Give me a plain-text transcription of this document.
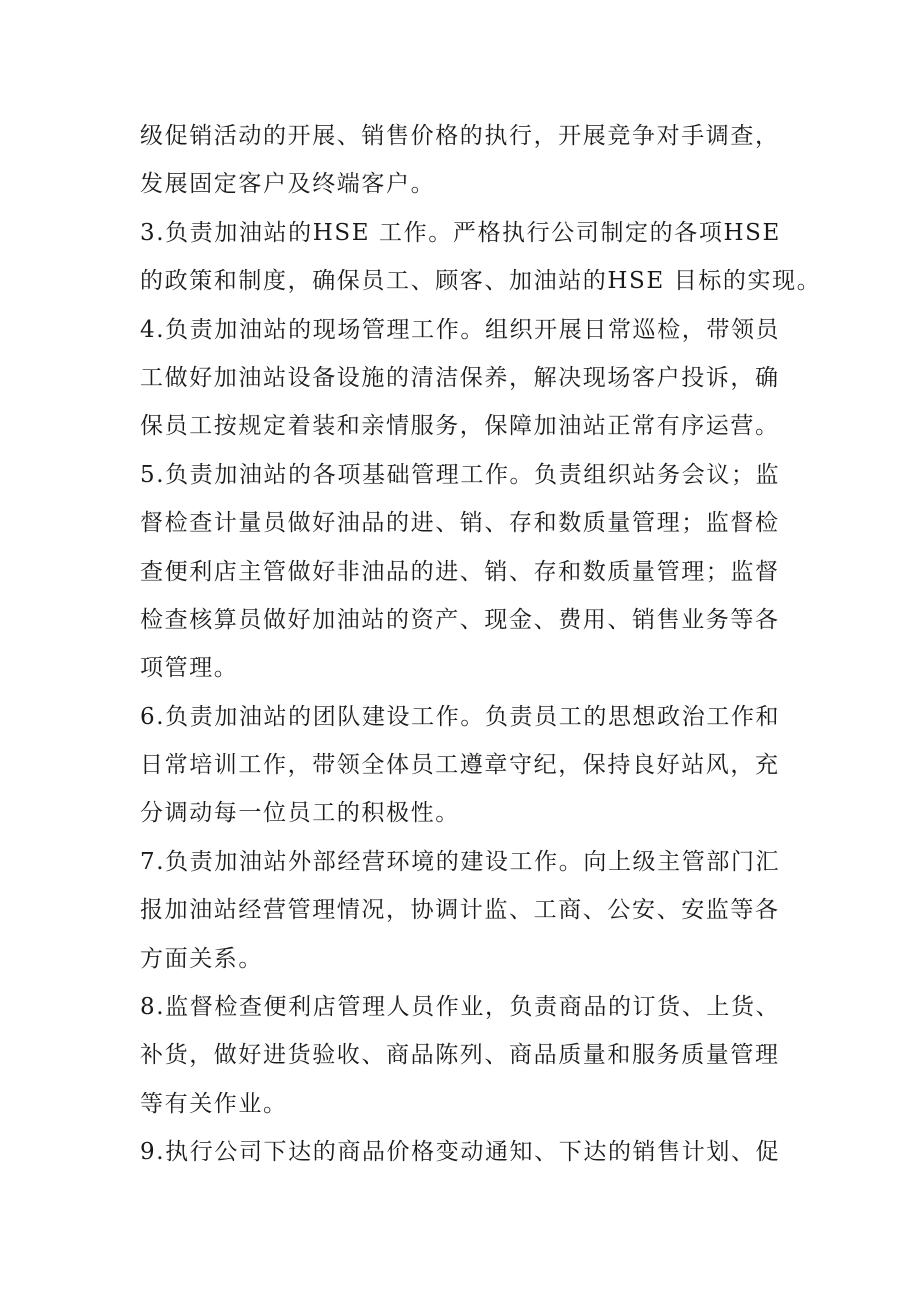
级促销活动的开展、销售价格的执行，开展竞争对手调查，
发展固定客户及终端客户。
3.负责加油站的HSE 工作。严格执行公司制定的各项HSE
的政策和制度，确保员工、顾客、加油站的HSE 目标的实现。
4.负责加油站的现场管理工作。组织开展日常巡检，带领员
工做好加油站设备设施的清洁保养，解决现场客户投诉，确
保员工按规定着装和亲情服务，保障加油站正常有序运营。
5.负责加油站的各项基础管理工作。负责组织站务会议；监
督检查计量员做好油品的进、销、存和数质量管理；监督检
查便利店主管做好非油品的进、销、存和数质量管理；监督
检查核算员做好加油站的资产、现金、费用、销售业务等各
项管理。
6.负责加油站的团队建设工作。负责员工的思想政治工作和
日常培训工作，带领全体员工遵章守纪，保持良好站风，充
分调动每一位员工的积极性。
7.负责加油站外部经营环境的建设工作。向上级主管部门汇
报加油站经营管理情况，协调计监、工商、公安、安监等各
方面关系。
8.监督检查便利店管理人员作业，负责商品的订货、上货、
补货，做好进货验收、商品陈列、商品质量和服务质量管理
等有关作业。
9.执行公司下达的商品价格变动通知、下达的销售计划、促
